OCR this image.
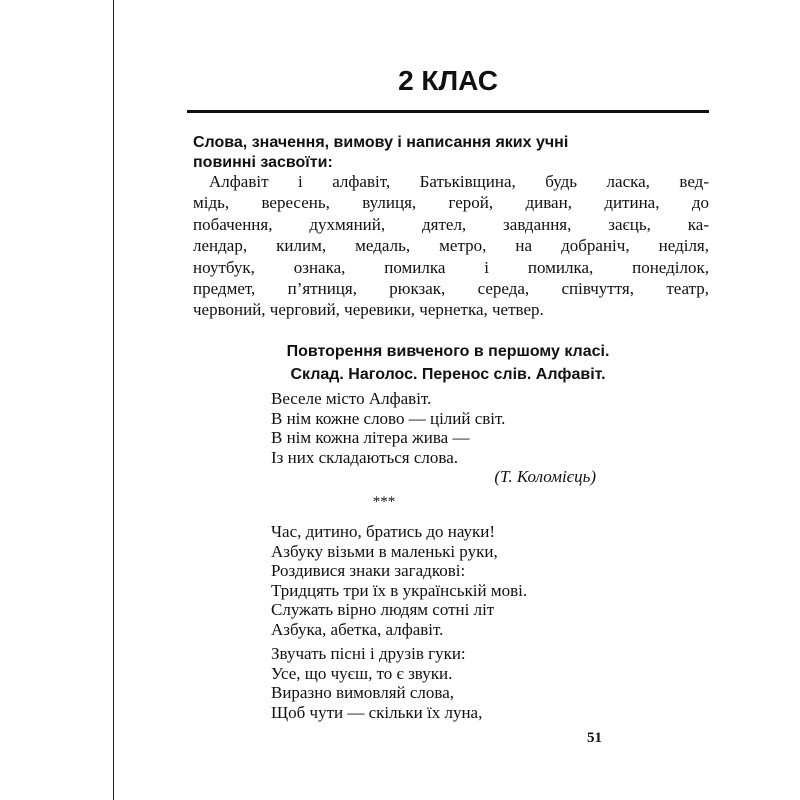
2 КЛАС
Слова, значення, вимову і написання яких учні
повинні засвоїти:
Алфавіт і алфавіт, Батьківщина, будь ласка, вед-
мідь, вересень, вулиця, герой, диван, дитина, до
побачення, духмяний, дятел, завдання, заєць, ка-
лендар, килим, медаль, метро, на добраніч, неділя,
ноутбук, ознака, помилка і помилка, понеділок,
предмет, п’ятниця, рюкзак, середа, співчуття, театр,
червоний, черговий, черевики, чернетка, четвер.
Повторення вивченого в першому класі.
Склад. Наголос. Перенос слів. Алфавіт.
Веселе місто Алфавіт.
В нім кожне слово — цілий світ.
В нім кожна літера жива —
Із них складаються слова.
(Т. Коломієць)
***
Час, дитино, братись до науки!
Азбуку візьми в маленькі руки,
Роздивися знаки загадкові:
Тридцять три їх в українській мові.
Служать вірно людям сотні літ
Азбука, абетка, алфавіт.
Звучать пісні і друзів гуки:
Усе, що чуєш, то є звуки.
Виразно вимовляй слова,
Щоб чути — скільки їх луна,
51
